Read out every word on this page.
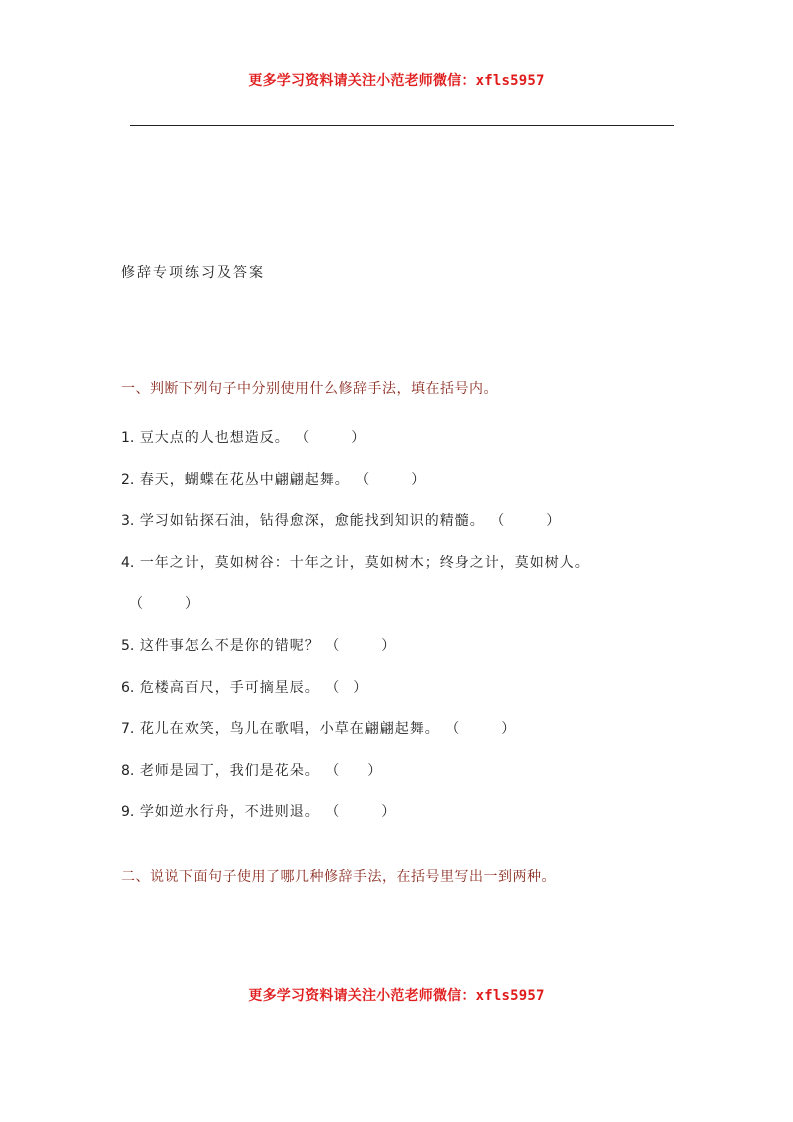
更多学习资料请关注小范老师微信：xfls5957
修辞专项练习及答案
一、判断下列句子中分别使用什么修辞手法，填在括号内。
1. 豆大点的人也想造反。 （　　　）
2. 春天，蝴蝶在花丛中翩翩起舞。 （　　　）
3. 学习如钻探石油，钻得愈深，愈能找到知识的精髓。 （　　　）
4. 一年之计，莫如树谷：十年之计，莫如树木；终身之计，莫如树人。
（　　　）
5. 这件事怎么不是你的错呢？ （　　　）
6. 危楼高百尺，手可摘星辰。 （　）
7. 花儿在欢笑，鸟儿在歌唱，小草在翩翩起舞。 （　　　）
8. 老师是园丁，我们是花朵。 （　　）
9. 学如逆水行舟，不进则退。 （　　　）
二、说说下面句子使用了哪几种修辞手法，在括号里写出一到两种。
更多学习资料请关注小范老师微信：xfls5957
